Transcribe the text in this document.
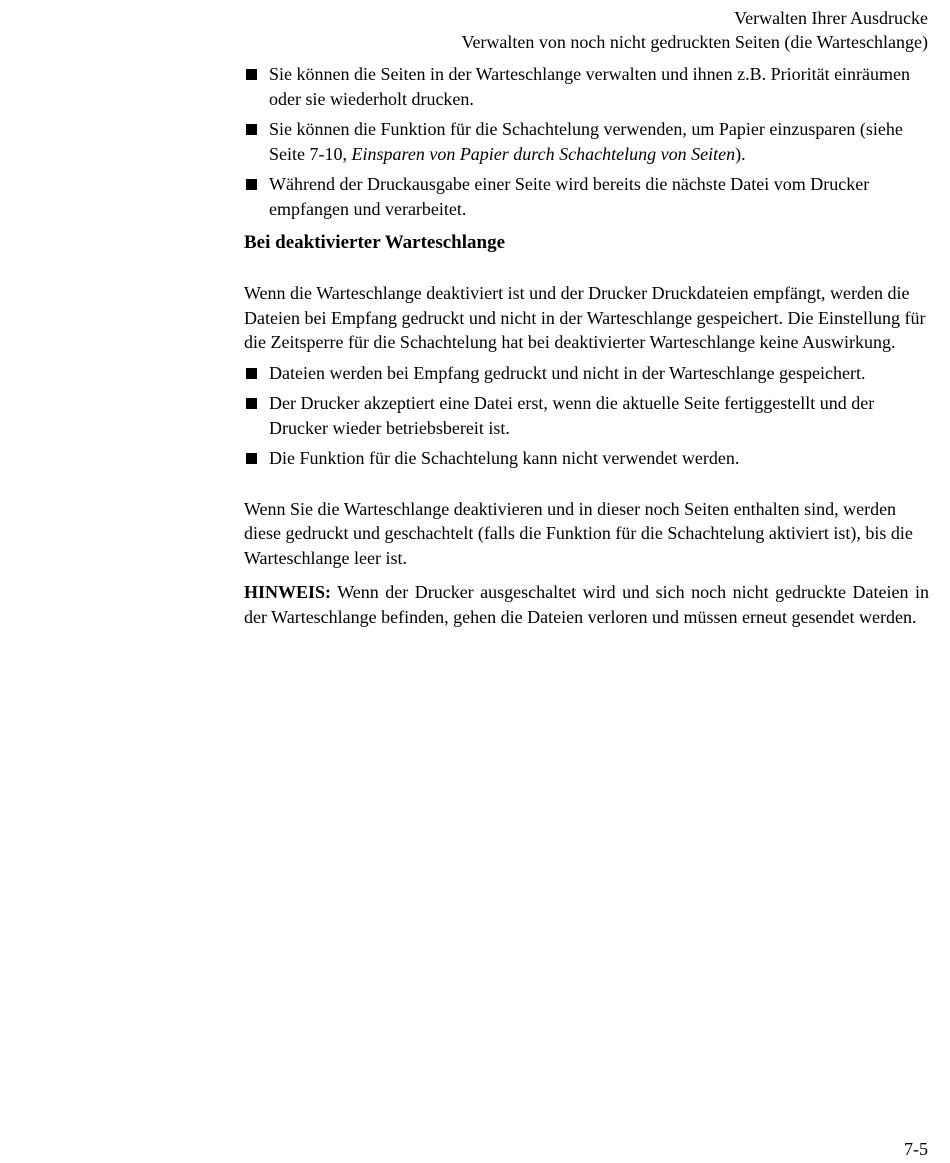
Verwalten Ihrer Ausdrucke
Verwalten von noch nicht gedruckten Seiten (die Warteschlange)
Sie können die Seiten in der Warteschlange verwalten und ihnen z.B. Priorität einräumen oder sie wiederholt drucken.
Sie können die Funktion für die Schachtelung verwenden, um Papier einzusparen (siehe Seite 7-10, Einsparen von Papier durch Schachtelung von Seiten).
Während der Druckausgabe einer Seite wird bereits die nächste Datei vom Drucker empfangen und verarbeitet.
Bei deaktivierter Warteschlange

Wenn die Warteschlange deaktiviert ist und der Drucker Druckdateien empfängt, werden die Dateien bei Empfang gedruckt und nicht in der Warteschlange gespeichert. Die Einstellung für die Zeitsperre für die Schachtelung hat bei deaktivierter Warteschlange keine Auswirkung.

Dateien werden bei Empfang gedruckt und nicht in der Warteschlange gespeichert.
Der Drucker akzeptiert eine Datei erst, wenn die aktuelle Seite fertiggestellt und der Drucker wieder betriebsbereit ist.
Die Funktion für die Schachtelung kann nicht verwendet werden.

Wenn Sie die Warteschlange deaktivieren und in dieser noch Seiten enthalten sind, werden diese gedruckt und geschachtelt (falls die Funktion für die Schachtelung aktiviert ist), bis die Warteschlange leer ist.

HINWEIS: Wenn der Drucker ausgeschaltet wird und sich noch nicht gedruckte Dateien in der Warteschlange befinden, gehen die Dateien verloren und müssen erneut gesendet werden.

7-5
